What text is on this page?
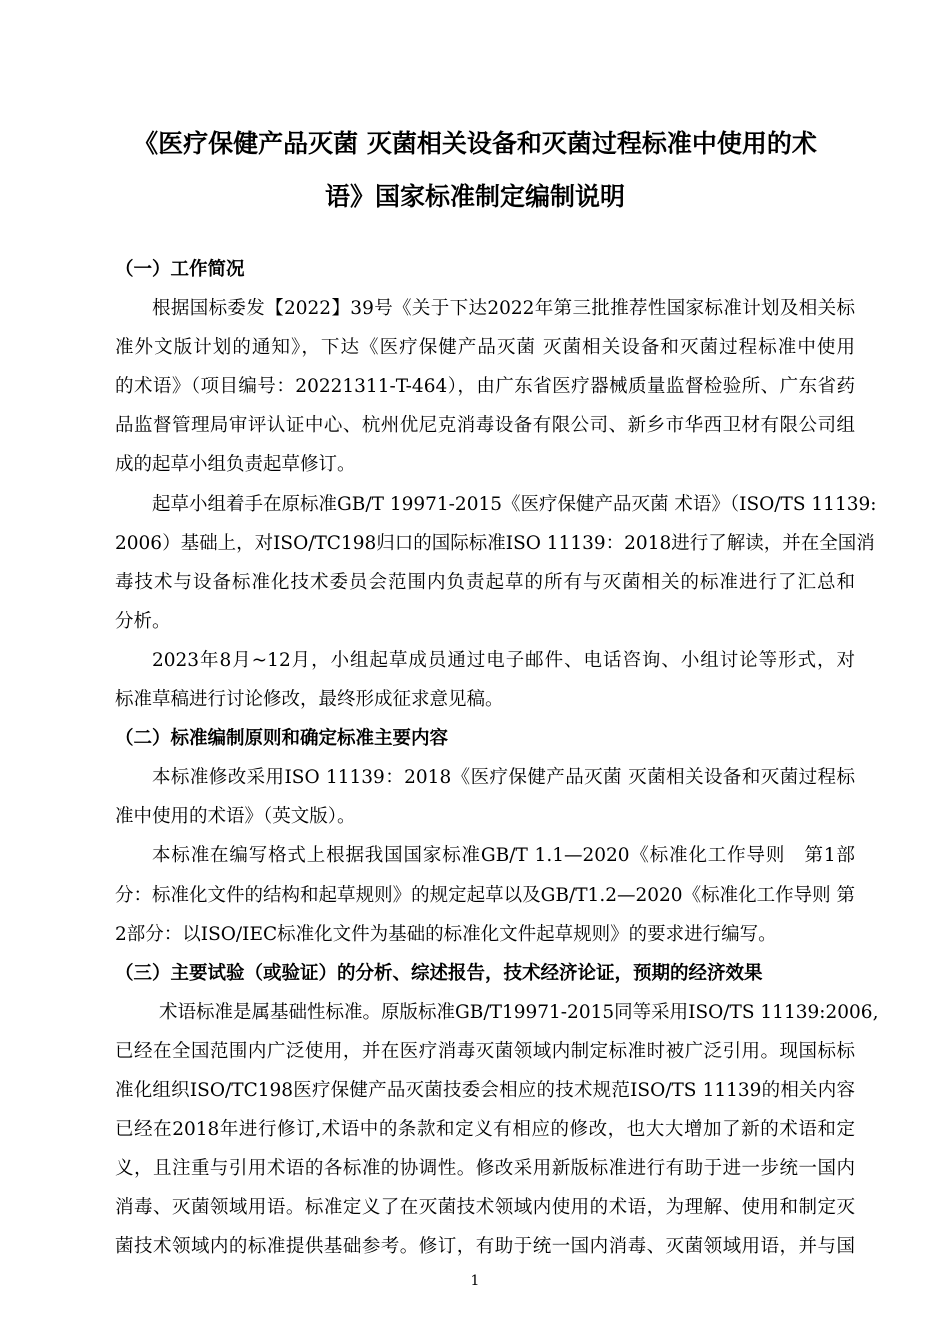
《医疗保健产品灭菌 灭菌相关设备和灭菌过程标准中使用的术
语》国家标准制定编制说明
（一）工作简况
根据国标委发【2022】39号《关于下达2022年第三批推荐性国家标准计划及相关标
准外文版计划的通知》，下达《医疗保健产品灭菌 灭菌相关设备和灭菌过程标准中使用
的术语》（项目编号：20221311-T-464），由广东省医疗器械质量监督检验所、广东省药
品监督管理局审评认证中心、杭州优尼克消毒设备有限公司、新乡市华西卫材有限公司组
成的起草小组负责起草修订。
起草小组着手在原标准GB/T 19971-2015《医疗保健产品灭菌 术语》（ISO/TS 11139:
2006）基础上，对ISO/TC198归口的国际标准ISO 11139：2018进行了解读，并在全国消
毒技术与设备标准化技术委员会范围内负责起草的所有与灭菌相关的标准进行了汇总和
分析。
2023年8月~12月，小组起草成员通过电子邮件、电话咨询、小组讨论等形式，对
标准草稿进行讨论修改，最终形成征求意见稿。
（二）标准编制原则和确定标准主要内容
本标准修改采用ISO 11139：2018《医疗保健产品灭菌 灭菌相关设备和灭菌过程标
准中使用的术语》（英文版）。
本标准在编写格式上根据我国国家标准GB/T 1.1—2020《标准化工作导则　第1部
分：标准化文件的结构和起草规则》的规定起草以及GB/T1.2—2020《标准化工作导则 第
2部分：以ISO/IEC标准化文件为基础的标准化文件起草规则》的要求进行编写。
（三）主要试验（或验证）的分析、综述报告，技术经济论证，预期的经济效果
术语标准是属基础性标准。原版标准GB/T19971-2015同等采用ISO/TS 11139:2006,
已经在全国范围内广泛使用，并在医疗消毒灭菌领域内制定标准时被广泛引用。现国标标
准化组织ISO/TC198医疗保健产品灭菌技委会相应的技术规范ISO/TS 11139的相关内容
已经在2018年进行修订,术语中的条款和定义有相应的修改，也大大增加了新的术语和定
义，且注重与引用术语的各标准的协调性。修改采用新版标准进行有助于进一步统一国内
消毒、灭菌领域用语。标准定义了在灭菌技术领域内使用的术语，为理解、使用和制定灭
菌技术领域内的标准提供基础参考。修订，有助于统一国内消毒、灭菌领域用语，并与国
1
